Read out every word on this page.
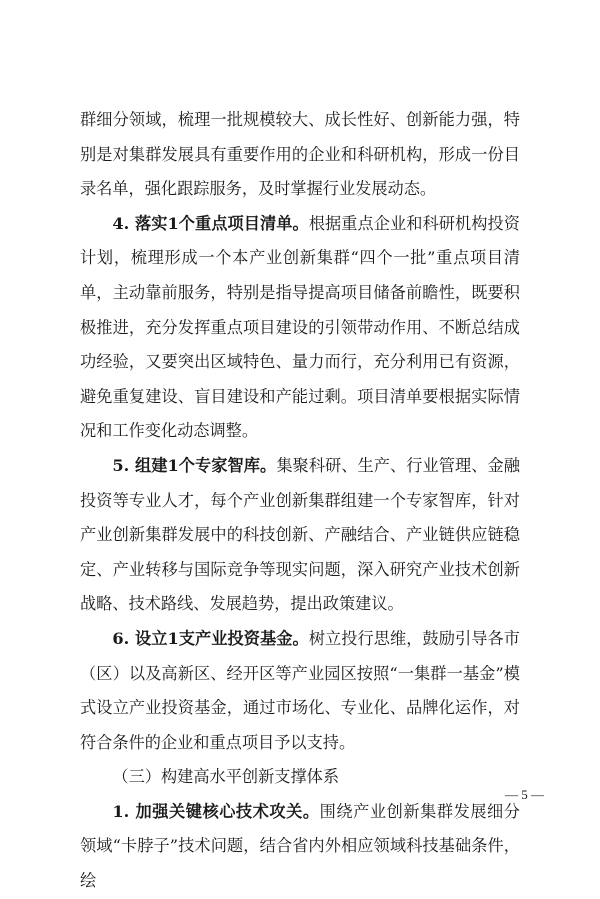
群细分领域，梳理一批规模较大、成长性好、创新能力强，特别是对集群发展具有重要作用的企业和科研机构，形成一份目录名单，强化跟踪服务，及时掌握行业发展动态。

4. 落实1个重点项目清单。根据重点企业和科研机构投资计划，梳理形成一个本产业创新集群“四个一批”重点项目清单，主动靠前服务，特别是指导提高项目储备前瞻性，既要积极推进，充分发挥重点项目建设的引领带动作用、不断总结成功经验，又要突出区域特色、量力而行，充分利用已有资源，避免重复建设、盲目建设和产能过剩。项目清单要根据实际情况和工作变化动态调整。

5. 组建1个专家智库。集聚科研、生产、行业管理、金融投资等专业人才，每个产业创新集群组建一个专家智库，针对产业创新集群发展中的科技创新、产融结合、产业链供应链稳定、产业转移与国际竞争等现实问题，深入研究产业技术创新战略、技术路线、发展趋势，提出政策建议。

6. 设立1支产业投资基金。树立投行思维，鼓励引导各市（区）以及高新区、经开区等产业园区按照“一集群一基金”模式设立产业投资基金，通过市场化、专业化、品牌化运作，对符合条件的企业和重点项目予以支持。

（三）构建高水平创新支撑体系

1. 加强关键核心技术攻关。围绕产业创新集群发展细分领域“卡脖子”技术问题，结合省内外相应领域科技基础条件，绘

— 5 —
